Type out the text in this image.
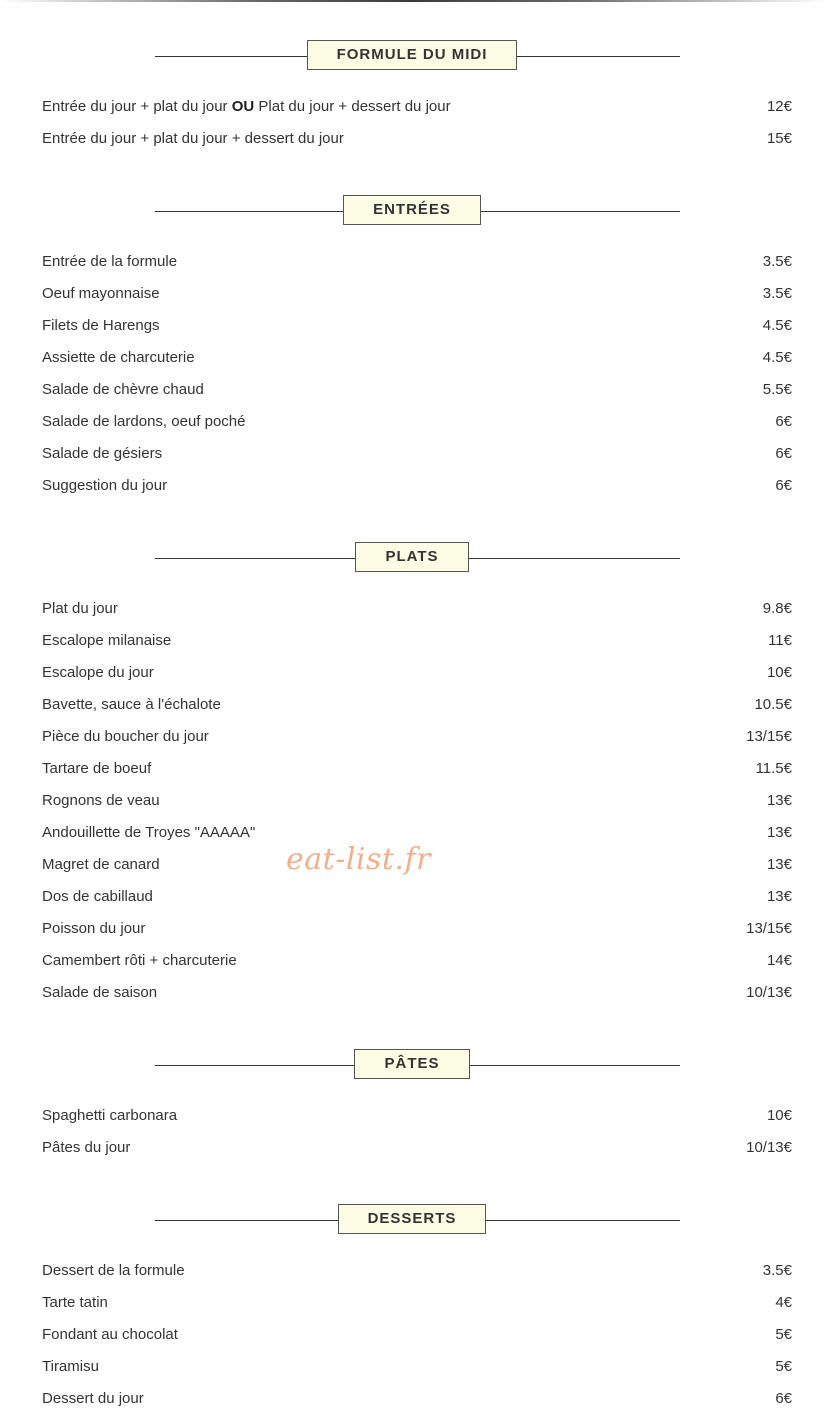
FORMULE DU MIDI
Entrée du jour + plat du jour OU Plat du jour + dessert du jour	12€
Entrée du jour + plat du jour + dessert du jour	15€
ENTRÉES
Entrée de la formule	3.5€
Oeuf mayonnaise	3.5€
Filets de Harengs	4.5€
Assiette de charcuterie	4.5€
Salade de chèvre chaud	5.5€
Salade de lardons, oeuf poché	6€
Salade de gésiers	6€
Suggestion du jour	6€
PLATS
Plat du jour	9.8€
Escalope milanaise	11€
Escalope du jour	10€
Bavette, sauce à l'échalote	10.5€
Pièce du boucher du jour	13/15€
Tartare de boeuf	11.5€
Rognons de veau	13€
Andouillette de Troyes "AAAAA"	13€
Magret de canard	13€
Dos de cabillaud	13€
Poisson du jour	13/15€
Camembert rôti + charcuterie	14€
Salade de saison	10/13€
PÂTES
Spaghetti carbonara	10€
Pâtes du jour	10/13€
DESSERTS
Dessert de la formule	3.5€
Tarte tatin	4€
Fondant au chocolat	5€
Tiramisu	5€
Dessert du jour	6€
eat-list.fr
